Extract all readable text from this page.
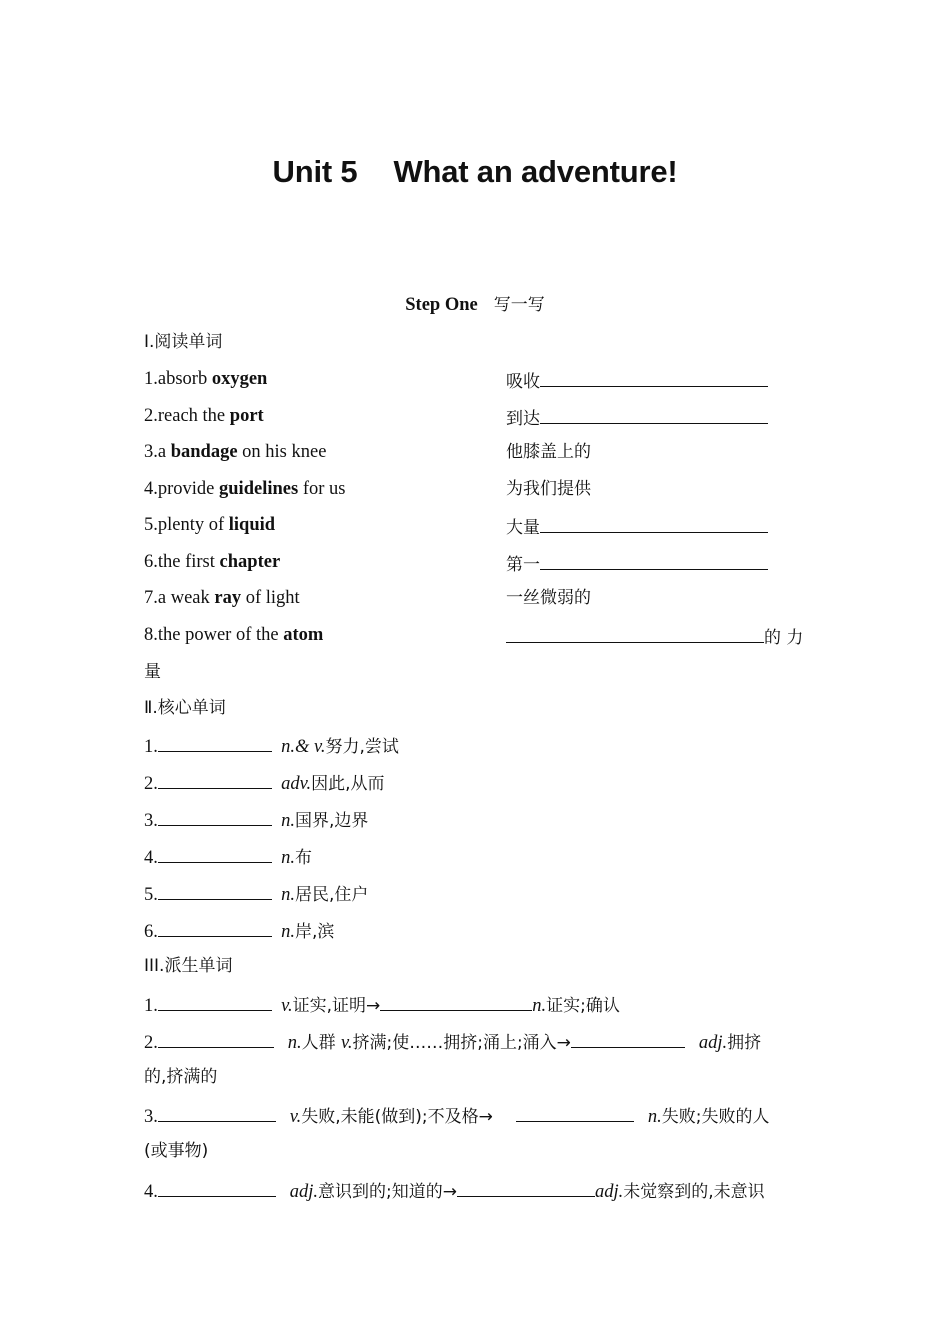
Unit 5 What an adventure!
Step One 写一写
Ⅰ.阅读单词
1.absorb oxygen	吸收
2.reach the port	到达
3.a bandage on his knee	他膝盖上的
4.provide guidelines for us	为我们提供
5.plenty of liquid	大量
6.the first chapter	第一
7.a weak ray of light	一丝微弱的
8.the power of the atom	的 力
量
Ⅱ.核心单词
1.	n.& v.努力,尝试
2.	adv.因此,从而
3.	n.国界,边界
4.	n.布
5.	n.居民,住户
6.	n.岸,滨
III.派生单词
1.	v.证实,证明→	n.证实;确认
2.	n.人群 v.挤满;使……拥挤;涌上;涌入→	adj.拥挤
的,挤满的
3.	v.失败,未能(做到);不及格→	n.失败;失败的人
(或事物)
4.	adj.意识到的;知道的→	adj.未觉察到的,未意识
